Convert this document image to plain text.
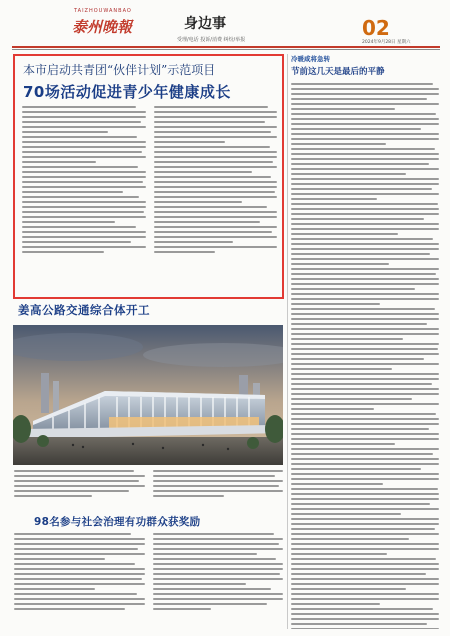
TAIZHOUWANBAO
泰州晚報	身边事
受理/电话 投诉/消费 纠纷/举报	02
2024年9月28日 星期六
本市启动共青团“伙伴计划”示范项目
70场活动促进青少年健康成长
冷暖咸将急转
节前这几天是最后的平静
姜高公路交通综合体开工
98名参与社会治理有功群众获奖励
